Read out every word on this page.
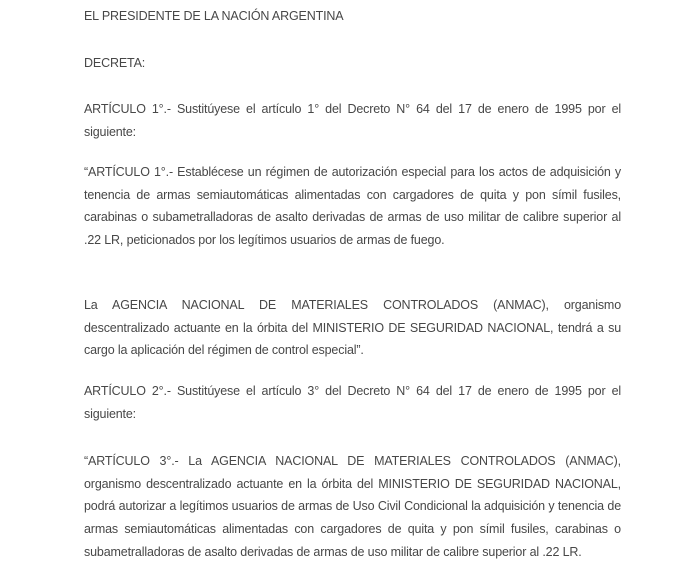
EL PRESIDENTE DE LA NACIÓN ARGENTINA

DECRETA:

ARTÍCULO 1°.- Sustitúyese el artículo 1° del Decreto N° 64 del 17 de enero de 1995 por el siguiente:

“ARTÍCULO 1°.- Establécese un régimen de autorización especial para los actos de adquisición y tenencia de armas semiautomáticas alimentadas con cargadores de quita y pon símil fusiles, carabinas o subametralladoras de asalto derivadas de armas de uso militar de calibre superior al .22 LR, peticionados por los legítimos usuarios de armas de fuego.

La AGENCIA NACIONAL DE MATERIALES CONTROLADOS (ANMAC), organismo descentralizado actuante en la órbita del MINISTERIO DE SEGURIDAD NACIONAL, tendrá a su cargo la aplicación del régimen de control especial”.

ARTÍCULO 2°.- Sustitúyese el artículo 3° del Decreto N° 64 del 17 de enero de 1995 por el siguiente:

“ARTÍCULO 3°.- La AGENCIA NACIONAL DE MATERIALES CONTROLADOS (ANMAC), organismo descentralizado actuante en la órbita del MINISTERIO DE SEGURIDAD NACIONAL, podrá autorizar a legítimos usuarios de armas de Uso Civil Condicional la adquisición y tenencia de armas semiautomáticas alimentadas con cargadores de quita y pon símil fusiles, carabinas o subametralladoras de asalto derivadas de armas de uso militar de calibre superior al .22 LR.
